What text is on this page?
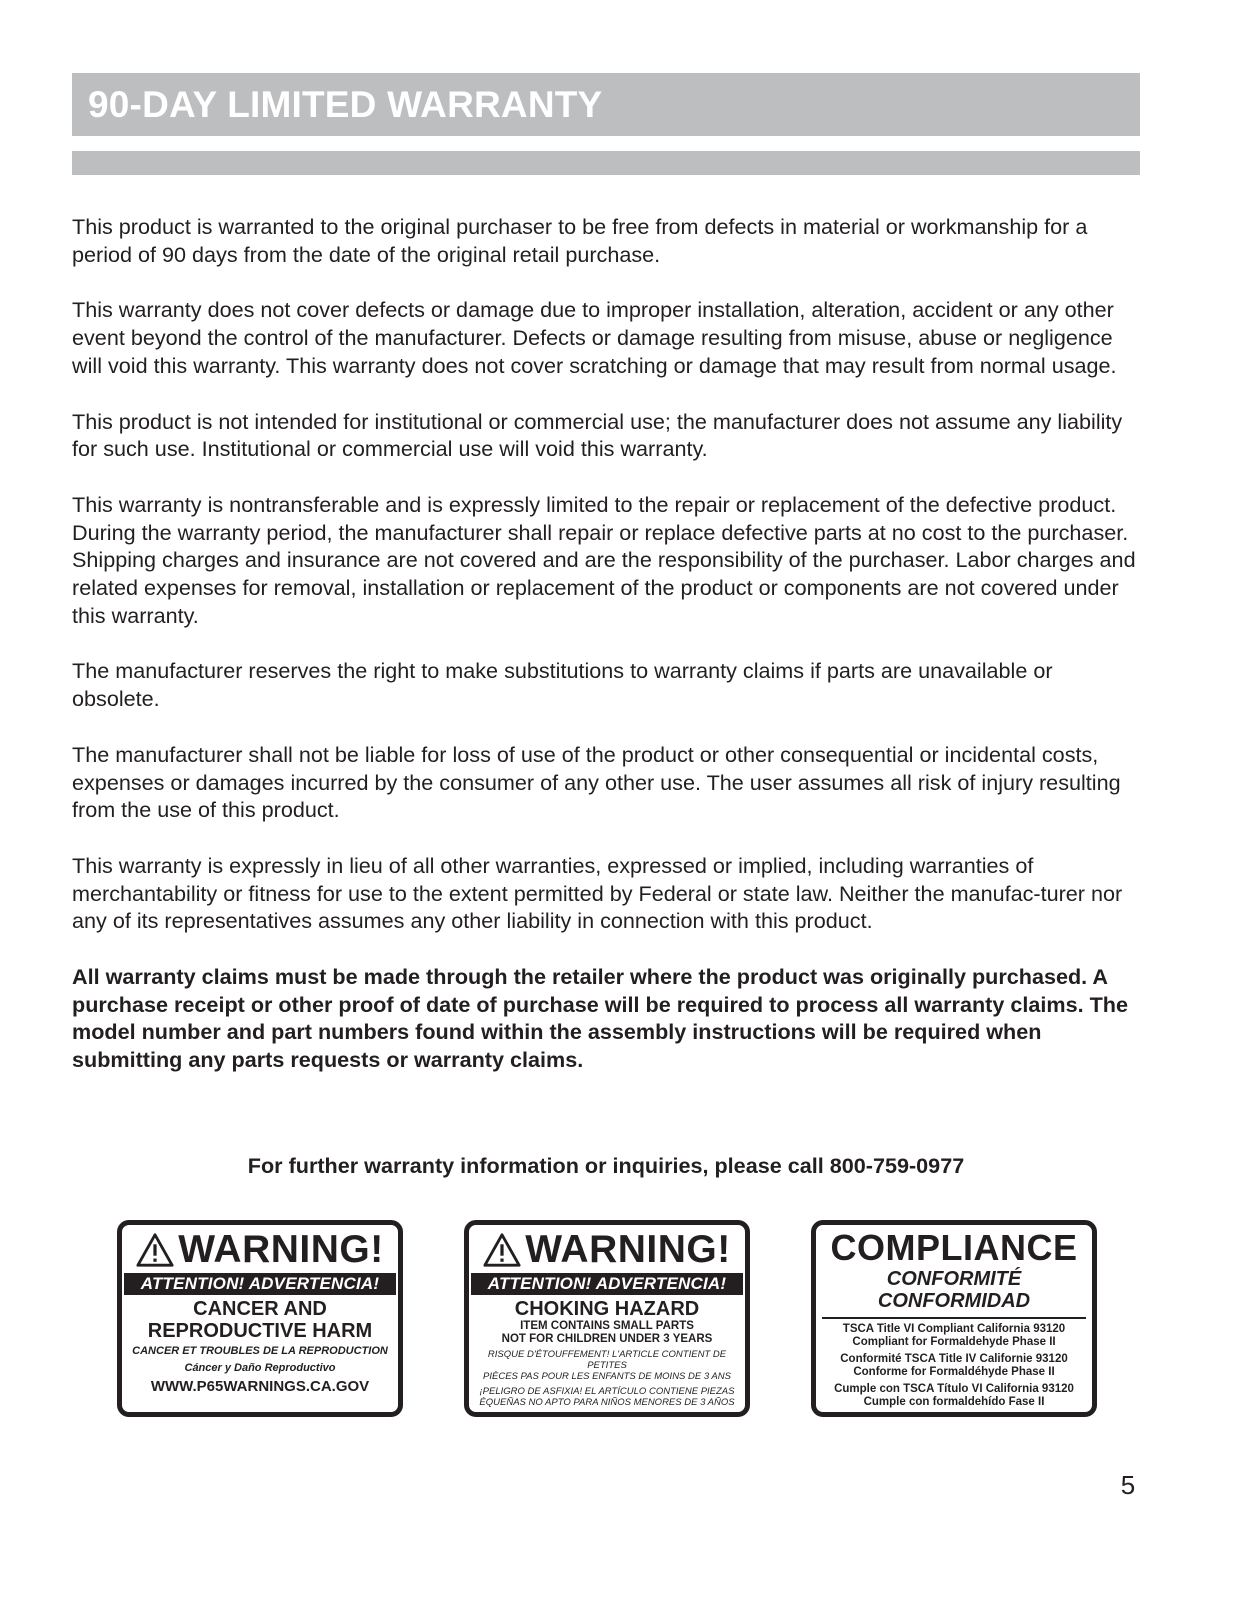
90-DAY LIMITED WARRANTY

This product is warranted to the original purchaser to be free from defects in material or workmanship for a period of 90 days from the date of the original retail purchase.

This warranty does not cover defects or damage due to improper installation, alteration, accident or any other event beyond the control of the manufacturer. Defects or damage resulting from misuse, abuse or negligence will void this warranty. This warranty does not cover scratching or damage that may result from normal usage.

This product is not intended for institutional or commercial use; the manufacturer does not assume any liability for such use. Institutional or commercial use will void this warranty.

This warranty is nontransferable and is expressly limited to the repair or replacement of the defective product. During the warranty period, the manufacturer shall repair or replace defective parts at no cost to the purchaser. Shipping charges and insurance are not covered and are the responsibility of the purchaser. Labor charges and related expenses for removal, installation or replacement of the product or components are not covered under this warranty.

The manufacturer reserves the right to make substitutions to warranty claims if parts are unavailable or obsolete.

The manufacturer shall not be liable for loss of use of the product or other consequential or incidental costs, expenses or damages incurred by the consumer of any other use. The user assumes all risk of injury resulting from the use of this product.

This warranty is expressly in lieu of all other warranties, expressed or implied, including warranties of merchantability or fitness for use to the extent permitted by Federal or state law. Neither the manufac-turer nor any of its representatives assumes any other liability in connection with this product.

All warranty claims must be made through the retailer where the product was originally purchased. A purchase receipt or other proof of date of purchase will be required to process all warranty claims. The model number and part numbers found within the assembly instructions will be required when submitting any parts requests or warranty claims.

For further warranty information or inquiries, please call 800-759-0977
WARNING!
ATTENTION! ADVERTENCIA!
CANCER AND
REPRODUCTIVE HARM
CANCER ET TROUBLES DE LA REPRODUCTION
Cáncer y Daño Reproductivo
WWW.P65WARNINGS.CA.GOV
WARNING!
ATTENTION! ADVERTENCIA!
CHOKING HAZARD
ITEM CONTAINS SMALL PARTS
NOT FOR CHILDREN UNDER 3 YEARS
RISQUE D'ÉTOUFFEMENT! L'ARTICLE CONTIENT DE PETITES
PIÈCES PAS POUR LES ENFANTS DE MOINS DE 3 ANS
¡PELIGRO DE ASFIXIA! EL ARTÍCULO CONTIENE PIEZAS
ÉQUEÑAS NO APTO PARA NIÑOS MENORES DE 3 AÑOS
COMPLIANCE
CONFORMITÉ
CONFORMIDAD
TSCA Title VI Compliant California 93120
Compliant for Formaldehyde Phase II
Conformité TSCA Title IV Californie 93120
Conforme for Formaldéhyde Phase II
Cumple con TSCA Título VI California 93120
Cumple con formaldehído Fase II
5
